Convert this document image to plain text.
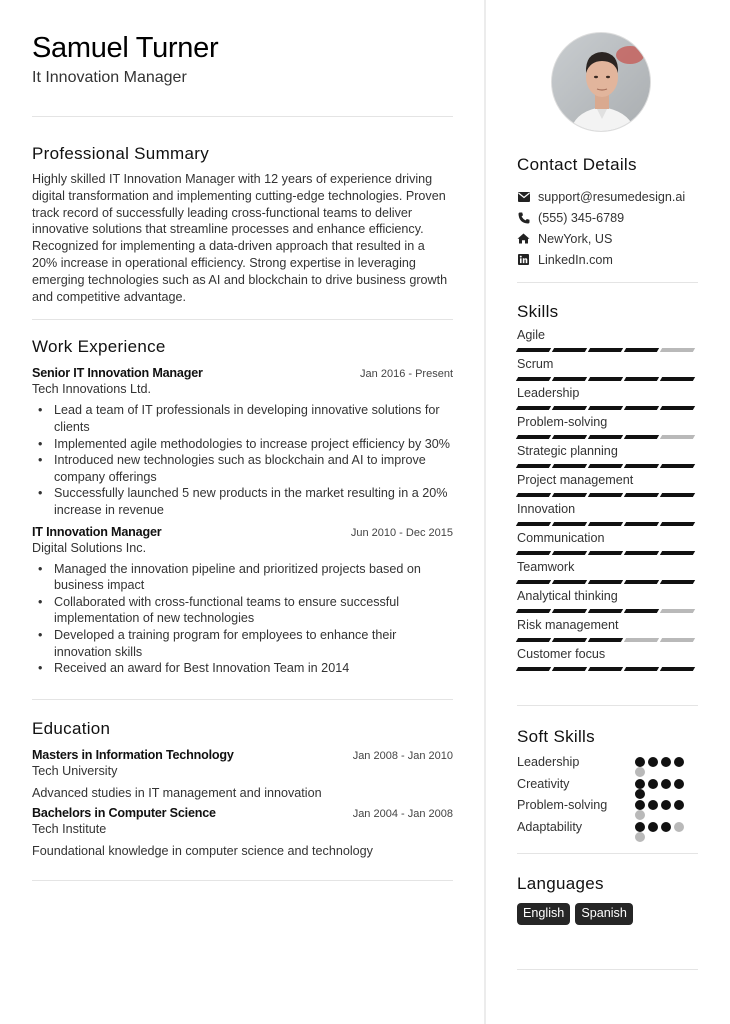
Samuel Turner
It Innovation Manager
Professional Summary

Highly skilled IT Innovation Manager with 12 years of experience driving digital transformation and implementing cutting-edge technologies. Proven track record of successfully leading cross-functional teams to deliver innovative solutions that streamline processes and enhance efficiency. Recognized for implementing a data-driven approach that resulted in a 20% increase in operational efficiency. Strong expertise in leveraging emerging technologies such as AI and blockchain to drive business growth and competitive advantage.

Work Experience
Senior IT Innovation Manager	Jan 2016 - Present
Tech Innovations Ltd.
• Lead a team of IT professionals in developing innovative solutions for clients
• Implemented agile methodologies to increase project efficiency by 30%
• Introduced new technologies such as blockchain and AI to improve company offerings
• Successfully launched 5 new products in the market resulting in a 20% increase in revenue
IT Innovation Manager	Jun 2010 - Dec 2015
Digital Solutions Inc.
• Managed the innovation pipeline and prioritized projects based on business impact
• Collaborated with cross-functional teams to ensure successful implementation of new technologies
• Developed a training program for employees to enhance their innovation skills
• Received an award for Best Innovation Team in 2014
Education
Masters in Information Technology	Jan 2008 - Jan 2010
Tech University
Advanced studies in IT management and innovation
Bachelors in Computer Science	Jan 2004 - Jan 2008
Tech Institute
Foundational knowledge in computer science and technology
Contact Details
support@resumedesign.ai
(555) 345-6789
NewYork, US
LinkedIn.com
Skills
Agile
Scrum
Leadership
Problem-solving
Strategic planning
Project management
Innovation
Communication
Teamwork
Analytical thinking
Risk management
Customer focus
Soft Skills
Leadership
Creativity
Problem-solving
Adaptability
Languages
English	Spanish
